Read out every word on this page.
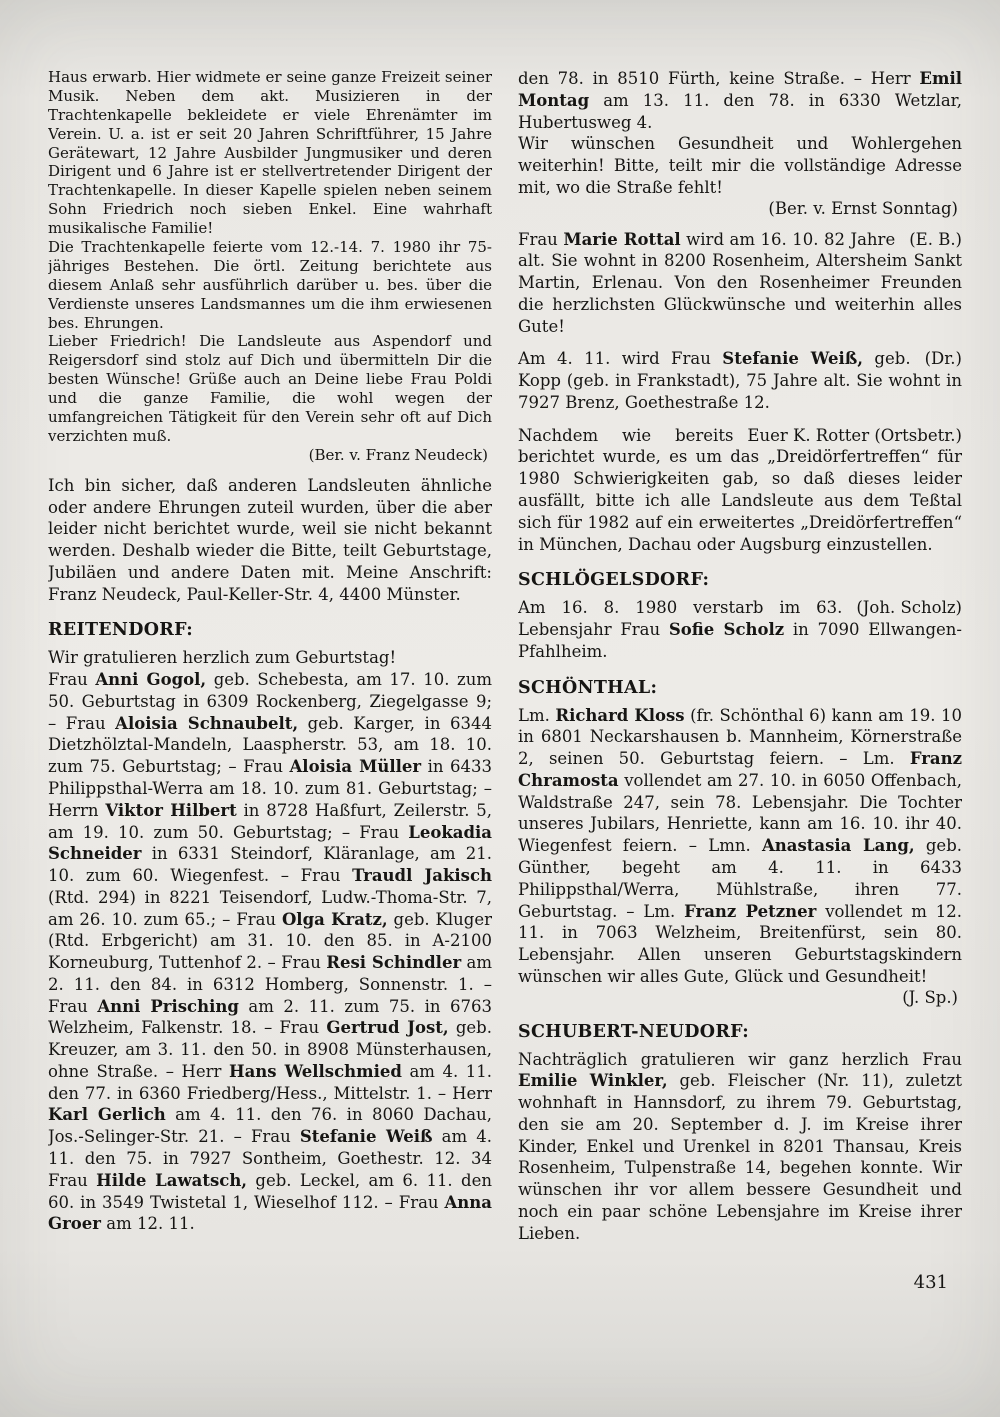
Haus erwarb. Hier widmete er seine ganze Freizeit seiner Musik. Neben dem akt. Musizieren in der Trachtenkapelle bekleidete er viele Ehrenämter im Verein. U. a. ist er seit 20 Jahren Schriftführer, 15 Jahre Gerätewart, 12 Jahre Ausbilder Jungmusiker und deren Dirigent und 6 Jahre ist er stellvertretender Dirigent der Trachtenkapelle. In dieser Kapelle spielen neben seinem Sohn Friedrich noch sieben Enkel. Eine wahrhaft musikalische Familie!

Die Trachtenkapelle feierte vom 12.-14. 7. 1980 ihr 75-jähriges Bestehen. Die örtl. Zeitung berichtete aus diesem Anlaß sehr ausführlich darüber u. bes. über die Verdienste unseres Landsmannes um die ihm erwiesenen bes. Ehrungen.

Lieber Friedrich! Die Landsleute aus Aspendorf und Reigersdorf sind stolz auf Dich und übermitteln Dir die besten Wünsche! Grüße auch an Deine liebe Frau Poldi und die ganze Familie, die wohl wegen der umfangreichen Tätigkeit für den Verein sehr oft auf Dich verzichten muß.

(Ber. v. Franz Neudeck)

Ich bin sicher, daß anderen Landsleuten ähnliche oder andere Ehrungen zuteil wurden, über die aber leider nicht berichtet wurde, weil sie nicht bekannt werden. Deshalb wieder die Bitte, teilt Geburtstage, Jubiläen und andere Daten mit. Meine Anschrift: Franz Neudeck, Paul-Keller-Str. 4, 4400 Münster.

REITENDORF:

Wir gratulieren herzlich zum Geburtstag!

Frau Anni Gogol, geb. Schebesta, am 17. 10. zum 50. Geburtstag in 6309 Rockenberg, Ziegelgasse 9; – Frau Aloisia Schnaubelt, geb. Karger, in 6344 Dietzhölztal-Mandeln, Laaspherstr. 53, am 18. 10. zum 75. Geburtstag; – Frau Aloisia Müller in 6433 Philippsthal-Werra am 18. 10. zum 81. Geburtstag; – Herrn Viktor Hilbert in 8728 Haßfurt, Zeilerstr. 5, am 19. 10. zum 50. Geburtstag; – Frau Leokadia Schneider in 6331 Steindorf, Kläranlage, am 21. 10. zum 60. Wiegenfest. – Frau Traudl Jakisch (Rtd. 294) in 8221 Teisendorf, Ludw.-Thoma-Str. 7, am 26. 10. zum 65.; – Frau Olga Kratz, geb. Kluger (Rtd. Erbgericht) am 31. 10. den 85. in A-2100 Korneuburg, Tuttenhof 2. – Frau Resi Schindler am 2. 11. den 84. in 6312 Homberg, Sonnenstr. 1. – Frau Anni Prisching am 2. 11. zum 75. in 6763 Welzheim, Falkenstr. 18. – Frau Gertrud Jost, geb. Kreuzer, am 3. 11. den 50. in 8908 Münsterhausen, ohne Straße. – Herr Hans Wellschmied am 4. 11. den 77. in 6360 Friedberg/Hess., Mittelstr. 1. – Herr Karl Gerlich am 4. 11. den 76. in 8060 Dachau, Jos.-Selinger-Str. 21. – Frau Stefanie Weiß am 4. 11. den 75. in 7927 Sontheim, Goethestr. 12. 34 Frau Hilde Lawatsch, geb. Leckel, am 6. 11. den 60. in 3549 Twistetal 1, Wieselhof 112. – Frau Anna Groer am 12. 11.

den 78. in 8510 Fürth, keine Straße. – Herr Emil Montag am 13. 11. den 78. in 6330 Wetzlar, Hubertusweg 4.

Wir wünschen Gesundheit und Wohlergehen weiterhin! Bitte, teilt mir die vollständige Adresse mit, wo die Straße fehlt!

(Ber. v. Ernst Sonntag)

(E. B.)
Frau Marie Rottal wird am 16. 10. 82 Jahre alt. Sie wohnt in 8200 Rosenheim, Altersheim Sankt Martin, Erlenau. Von den Rosenheimer Freunden die herzlichsten Glückwünsche und weiterhin alles Gute!

(Dr.)
Am 4. 11. wird Frau Stefanie Weiß, geb. Kopp (geb. in Frankstadt), 75 Jahre alt. Sie wohnt in 7927 Brenz, Goethestraße 12.

Euer K. Rotter (Ortsbetr.)
Nachdem wie bereits berichtet wurde, es um das „Dreidörfertreffen“ für 1980 Schwierigkeiten gab, so daß dieses leider ausfällt, bitte ich alle Landsleute aus dem Teßtal sich für 1982 auf ein erweitertes „Dreidörfertreffen“ in München, Dachau oder Augsburg einzustellen.

SCHLÖGELSDORF:

(Joh. Scholz)
Am 16. 8. 1980 verstarb im 63. Lebensjahr Frau Sofie Scholz in 7090 Ellwangen-Pfahlheim.

SCHÖNTHAL:

Lm. Richard Kloss (fr. Schönthal 6) kann am 19. 10 in 6801 Neckarshausen b. Mannheim, Körnerstraße 2, seinen 50. Geburtstag feiern. – Lm. Franz Chramosta vollendet am 27. 10. in 6050 Offenbach, Waldstraße 247, sein 78. Lebensjahr. Die Tochter unseres Jubilars, Henriette, kann am 16. 10. ihr 40. Wiegenfest feiern. – Lmn. Anastasia Lang, geb. Günther, begeht am 4. 11. in 6433 Philippsthal/Werra, Mühlstraße, ihren 77. Geburtstag. – Lm. Franz Petzner vollendet m 12. 11. in 7063 Welzheim, Breitenfürst, sein 80. Lebensjahr. Allen unseren Geburtstagskindern wünschen wir alles Gute, Glück und Gesundheit!

(J. Sp.)

SCHUBERT-NEUDORF:

Nachträglich gratulieren wir ganz herzlich Frau Emilie Winkler, geb. Fleischer (Nr. 11), zuletzt wohnhaft in Hannsdorf, zu ihrem 79. Geburtstag, den sie am 20. September d. J. im Kreise ihrer Kinder, Enkel und Urenkel in 8201 Thansau, Kreis Rosenheim, Tulpenstraße 14, begehen konnte. Wir wünschen ihr vor allem bessere Gesundheit und noch ein paar schöne Lebensjahre im Kreise ihrer Lieben.

431
